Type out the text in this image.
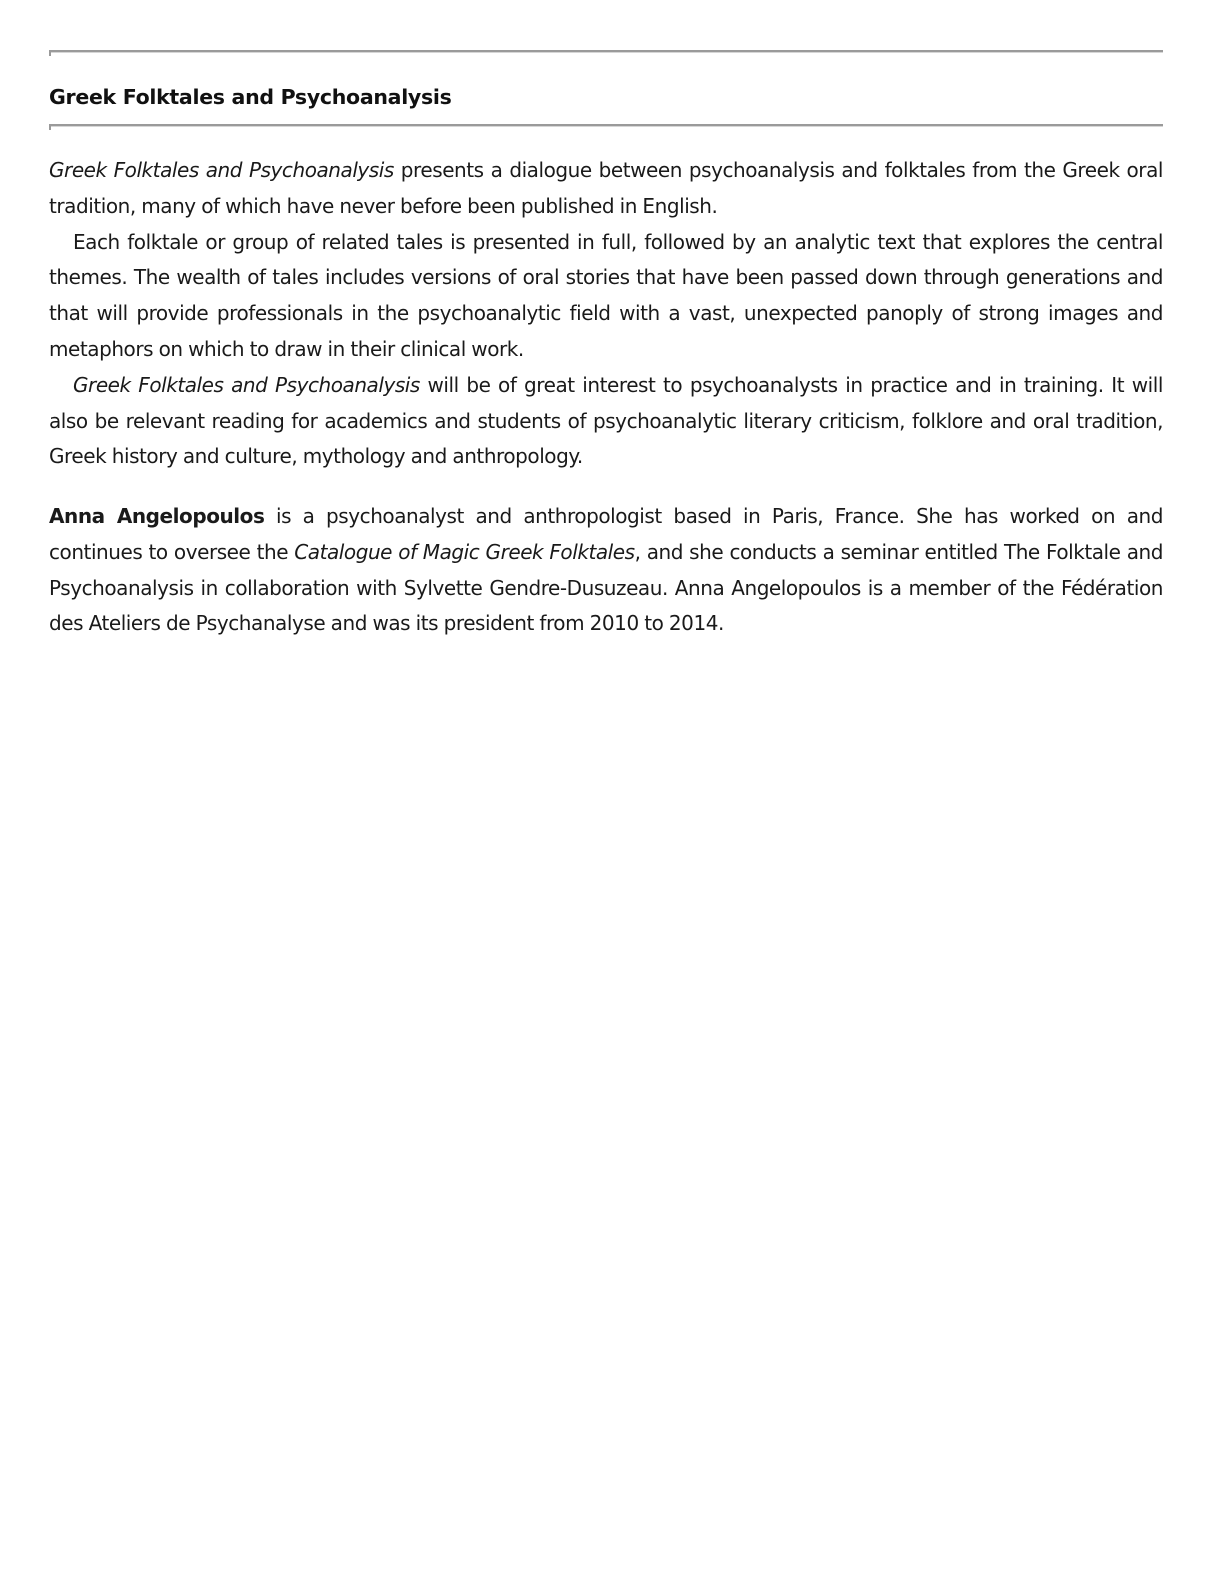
Greek Folktales and Psychoanalysis

Greek Folktales and Psychoanalysis presents a dialogue between psychoanalysis and folktales from the Greek oral tradition, many of which have never before been published in English.

Each folktale or group of related tales is presented in full, followed by an analytic text that explores the central themes. The wealth of tales includes versions of oral stories that have been passed down through generations and that will provide professionals in the psychoanalytic field with a vast, unexpected panoply of strong images and metaphors on which to draw in their clinical work.

Greek Folktales and Psychoanalysis will be of great interest to psychoanalysts in practice and in training. It will also be relevant reading for academics and students of psychoanalytic literary criticism, folklore and oral tradition, Greek history and culture, mythology and anthropology.

Anna Angelopoulos is a psychoanalyst and anthropologist based in Paris, France. She has worked on and continues to oversee the Catalogue of Magic Greek Folktales, and she conducts a seminar entitled The Folktale and Psychoanalysis in collaboration with Sylvette Gendre-Dusuzeau. Anna Angelopoulos is a member of the Fédération des Ateliers de Psychanalyse and was its president from 2010 to 2014.
